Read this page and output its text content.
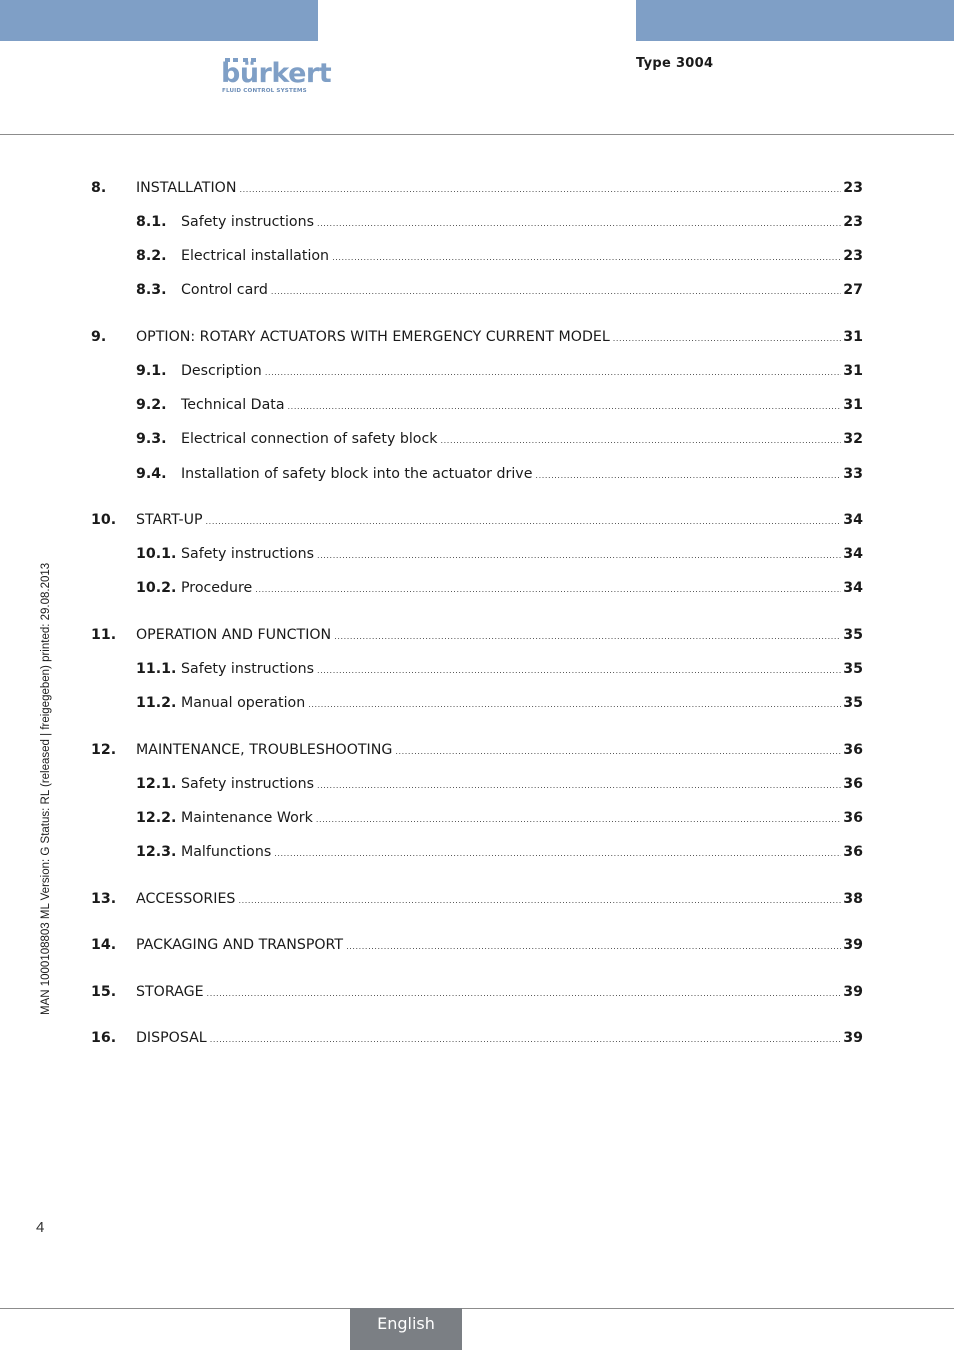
bürkert
FLUID CONTROL SYSTEMS
Type 3004
MAN 1000108803 ML Version: G Status: RL (released | freigegeben) printed: 29.08.2013
8. INSTALLATION .....	23
8.1. Safety instructions .....	23
8.2. Electrical installation .....	23
8.3. Control card .....	27
9. OPTION: ROTARY ACTUATORS WITH EMERGENCY CURRENT MODEL .....	31
9.1. Description .....	31
9.2. Technical Data .....	31
9.3. Electrical connection of safety block .....	32
9.4. Installation of safety block into the actuator drive .....	33
10. START-UP .....	34
10.1. Safety instructions .....	34
10.2. Procedure .....	34
11. OPERATION AND FUNCTION .....	35
11.1. Safety instructions .....	35
11.2. Manual operation .....	35
12. MAINTENANCE, TROUBLESHOOTING .....	36
12.1. Safety instructions .....	36
12.2. Maintenance Work .....	36
12.3. Malfunctions .....	36
13. ACCESSORIES .....	38
14. PACKAGING AND TRANSPORT .....	39
15. STORAGE .....	39
16. DISPOSAL .....	39
4
English
